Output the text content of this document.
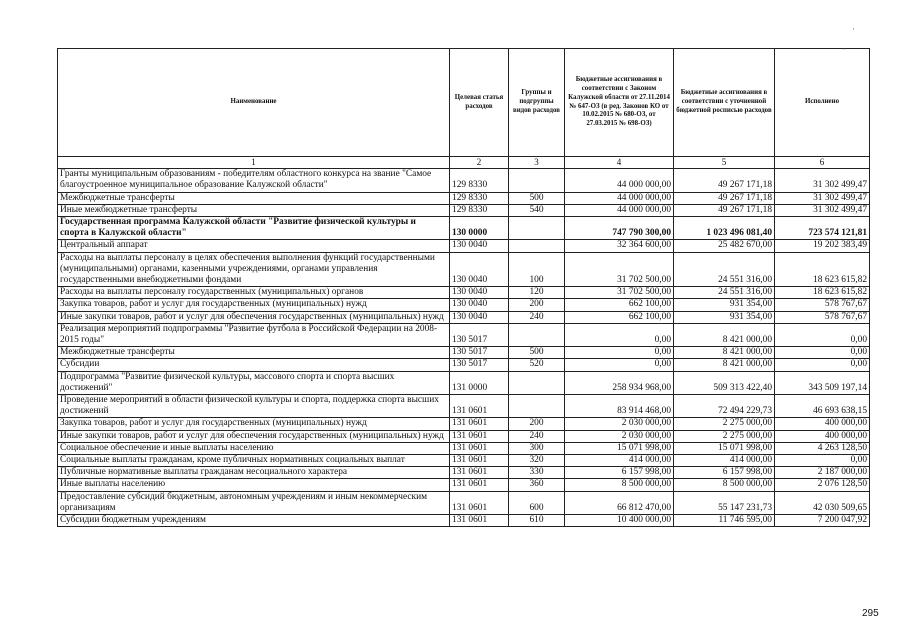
Наименование	Целевая статья расходов	Группы и подгруппы видов расходов	Бюджетные ассигнования в соответствии с Законом Калужской области от 27.11.2014 № 647-ОЗ (в ред. Законов КО от 10.02.2015 № 680-ОЗ, от 27.03.2015 № 698-ОЗ)	Бюджетные ассигнования в соответствии с уточненной бюджетной росписью расходов	Исполнено
1	2	3	4	5	6
Гранты муниципальным образованиям - победителям областного конкурса на звание "Самое благоустроенное муниципальное образование Калужской области"	129 8330		44 000 000,00	49 267 171,18	31 302 499,47
Межбюджетные трансферты	129 8330	500	44 000 000,00	49 267 171,18	31 302 499,47
Иные межбюджетные трансферты	129 8330	540	44 000 000,00	49 267 171,18	31 302 499,47
Государственная программа Калужской области "Развитие физической культуры и спорта в Калужской области"	130 0000		747 790 300,00	1 023 496 081,40	723 574 121,81
Центральный аппарат	130 0040		32 364 600,00	25 482 670,00	19 202 383,49
Расходы на выплаты персоналу в целях обеспечения выполнения функций государственными (муниципальными) органами, казенными учреждениями, органами управления государственными внебюджетными фондами	130 0040	100	31 702 500,00	24 551 316,00	18 623 615,82
Расходы на выплаты персоналу государственных (муниципальных) органов	130 0040	120	31 702 500,00	24 551 316,00	18 623 615,82
Закупка товаров, работ и услуг для государственных (муниципальных) нужд	130 0040	200	662 100,00	931 354,00	578 767,67
Иные закупки товаров, работ и услуг для обеспечения государственных (муниципальных) нужд	130 0040	240	662 100,00	931 354,00	578 767,67
Реализация мероприятий подпрограммы "Развитие футбола в Российской Федерации на 2008-2015 годы"	130 5017		0,00	8 421 000,00	0,00
Межбюджетные трансферты	130 5017	500	0,00	8 421 000,00	0,00
Субсидии	130 5017	520	0,00	8 421 000,00	0,00
Подпрограмма "Развитие физической культуры, массового спорта и спорта высших достижений"	131 0000		258 934 968,00	509 313 422,40	343 509 197,14
Проведение мероприятий в области физической культуры и спорта, поддержка спорта высших достижений	131 0601		83 914 468,00	72 494 229,73	46 693 638,15
Закупка товаров, работ и услуг для государственных (муниципальных) нужд	131 0601	200	2 030 000,00	2 275 000,00	400 000,00
Иные закупки товаров, работ и услуг для обеспечения государственных (муниципальных) нужд	131 0601	240	2 030 000,00	2 275 000,00	400 000,00
Социальное обеспечение и иные выплаты населению	131 0601	300	15 071 998,00	15 071 998,00	4 263 128,50
Социальные выплаты гражданам, кроме публичных нормативных социальных выплат	131 0601	320	414 000,00	414 000,00	0,00
Публичные нормативные выплаты гражданам несоциального характера	131 0601	330	6 157 998,00	6 157 998,00	2 187 000,00
Иные выплаты населению	131 0601	360	8 500 000,00	8 500 000,00	2 076 128,50
Предоставление субсидий бюджетным, автономным учреждениям и иным некоммерческим организациям	131 0601	600	66 812 470,00	55 147 231,73	42 030 509,65
Субсидии бюджетным учреждениям	131 0601	610	10 400 000,00	11 746 595,00	7 200 047,92
295
·
·
